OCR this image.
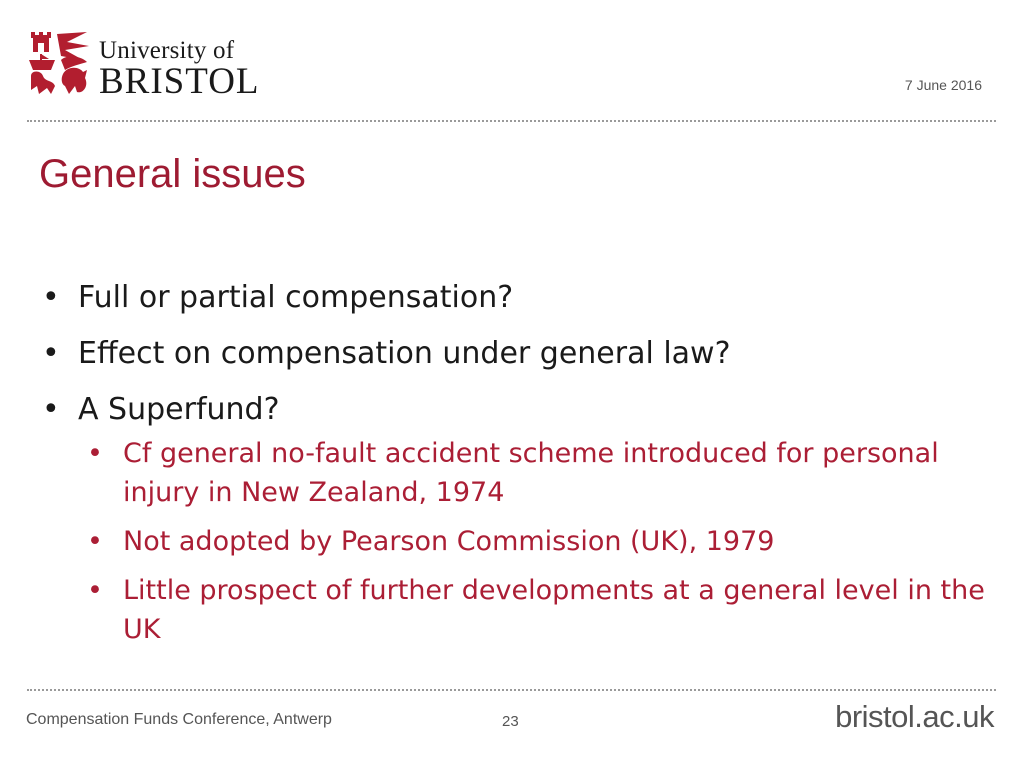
University of
BRISTOL	7 June 2016
General issues
• Full or partial compensation?
• Effect on compensation under general law?
• A Superfund?
• Cf general no-fault accident scheme introduced for personal injury in New Zealand, 1974
• Not adopted by Pearson Commission (UK), 1979
• Little prospect of further developments at a general level in the UK
Compensation Funds Conference, Antwerp	23	bristol.ac.uk
